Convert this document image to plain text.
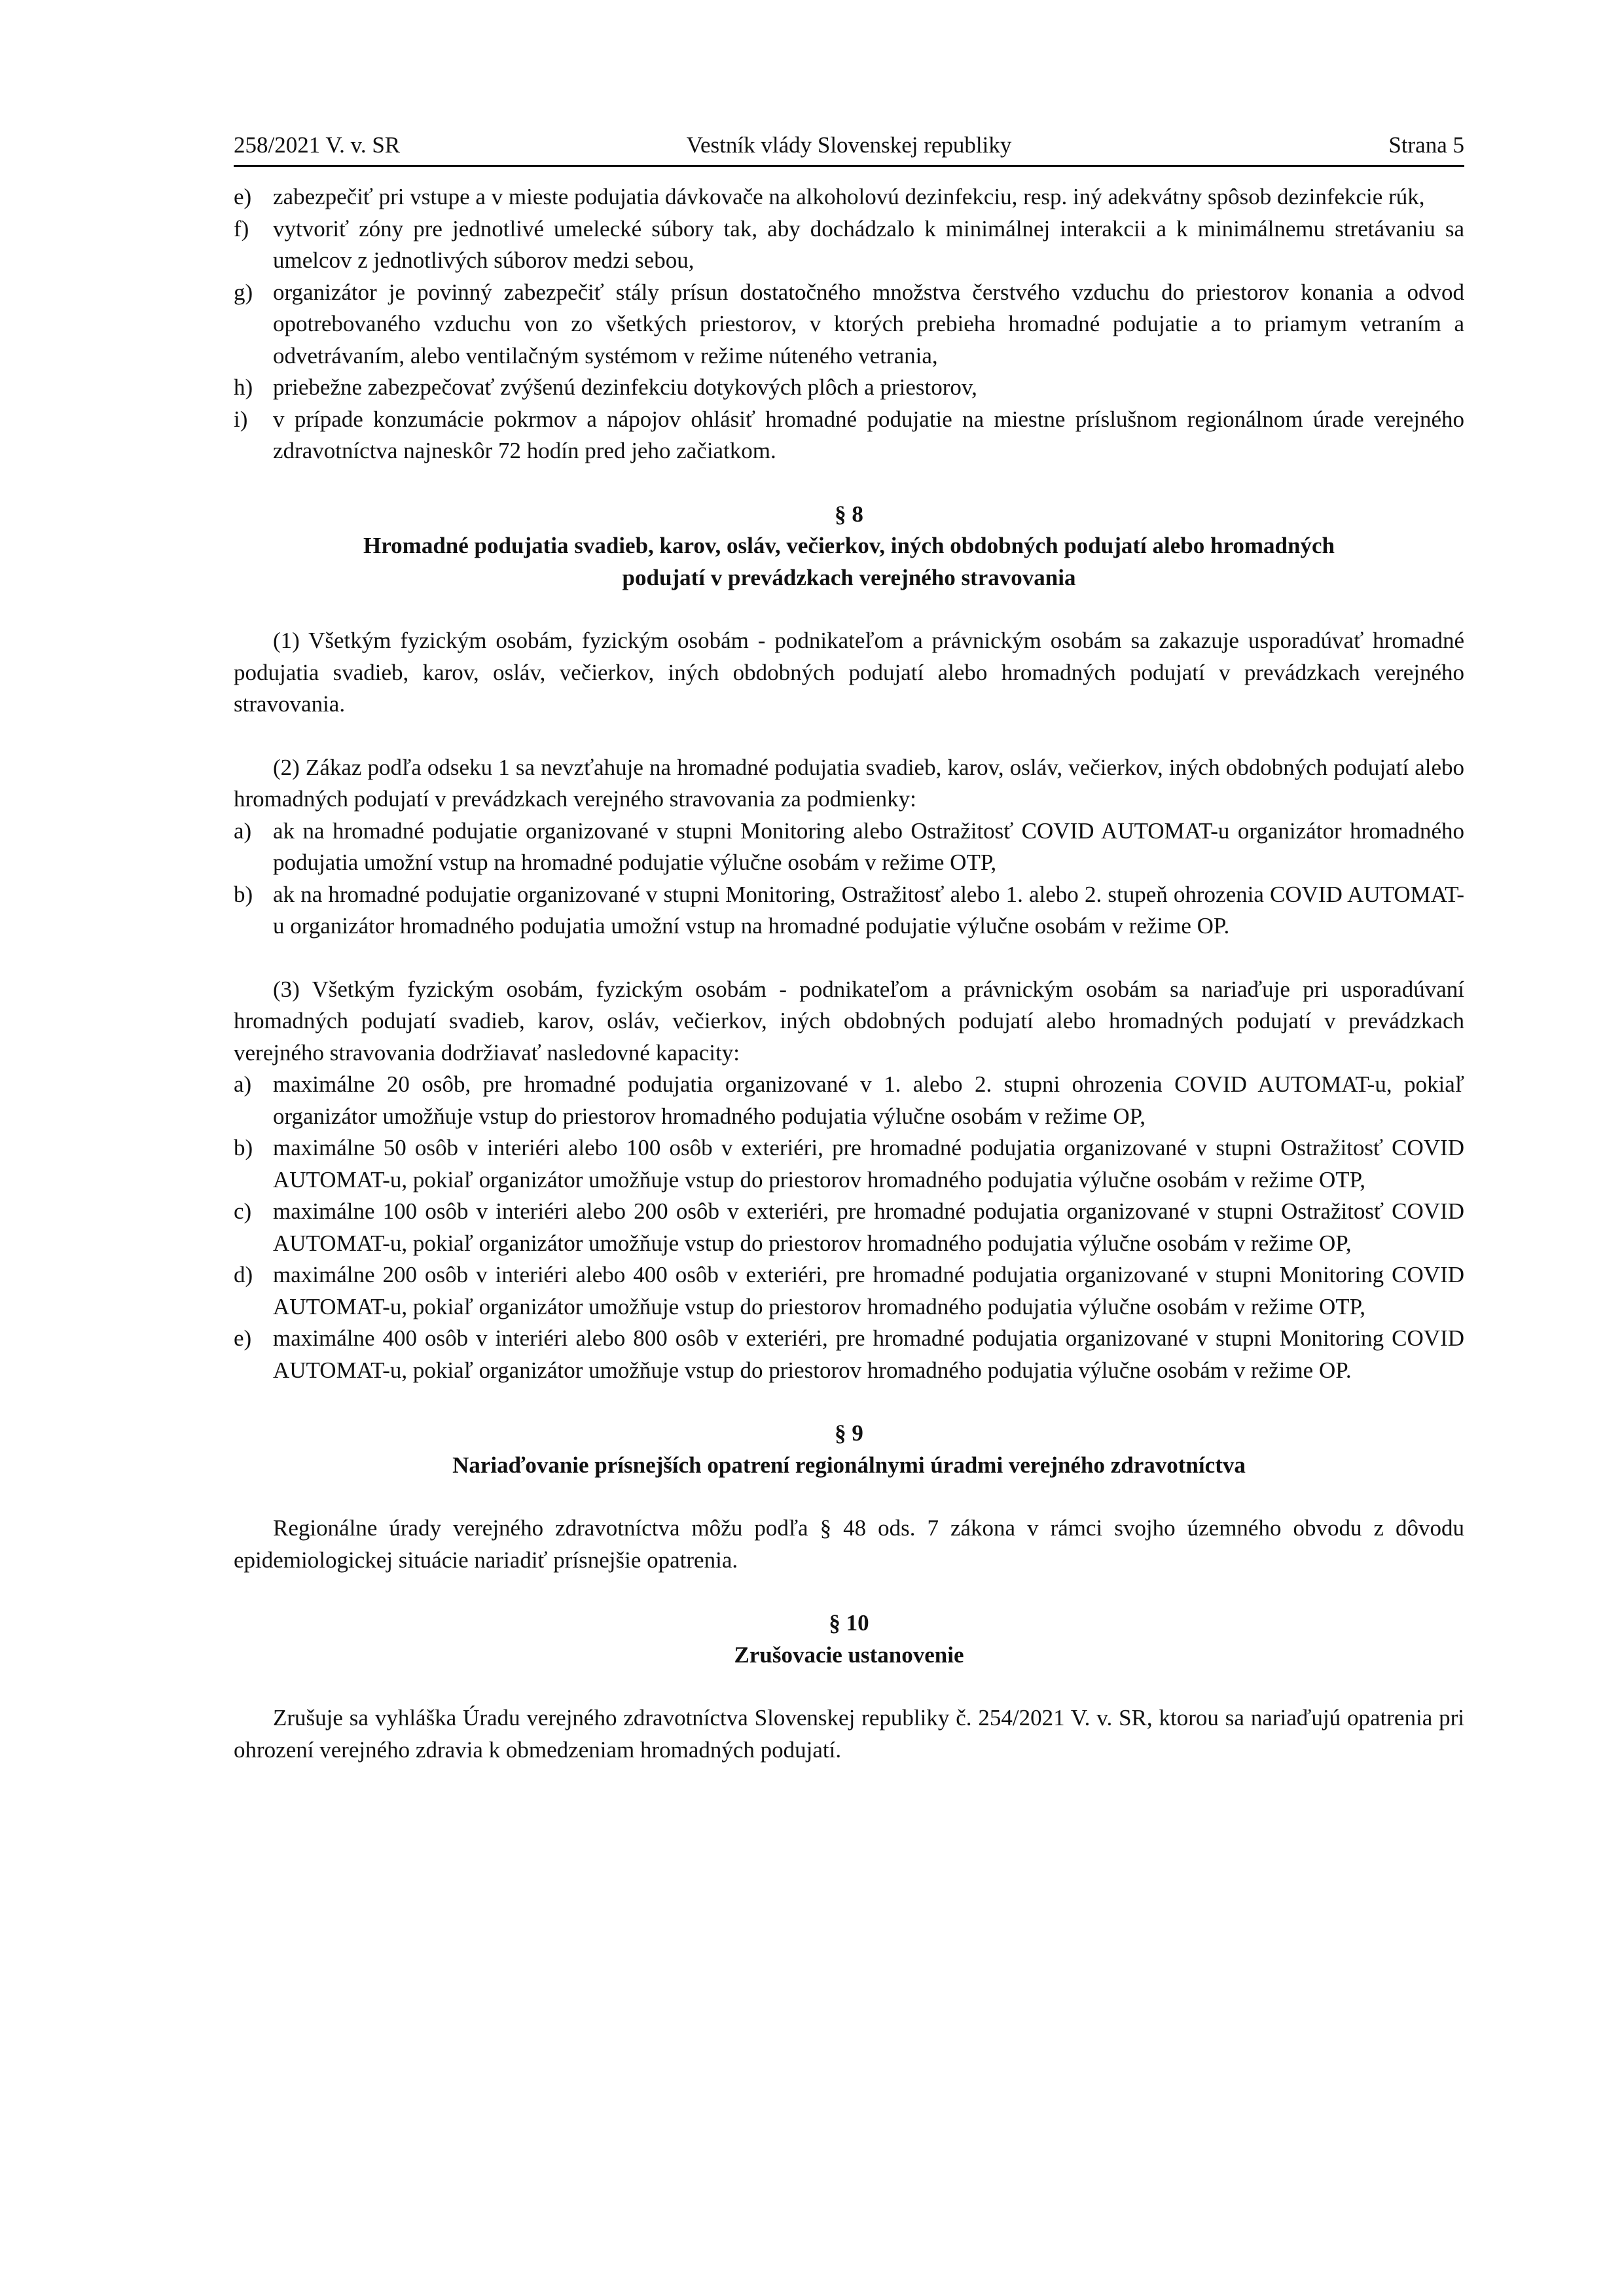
258/2021 V. v. SR	Vestník vlády Slovenskej republiky	Strana 5
e) zabezpečiť pri vstupe a v mieste podujatia dávkovače na alkoholovú dezinfekciu, resp. iný adekvátny spôsob dezinfekcie rúk,
f) vytvoriť zóny pre jednotlivé umelecké súbory tak, aby dochádzalo k minimálnej interakcii a k minimálnemu stretávaniu sa umelcov z jednotlivých súborov medzi sebou,
g) organizátor je povinný zabezpečiť stály prísun dostatočného množstva čerstvého vzduchu do priestorov konania a odvod opotrebovaného vzduchu von zo všetkých priestorov, v ktorých prebieha hromadné podujatie a to priamym vetraním a odvetrávaním, alebo ventilačným systémom v režime núteného vetrania,
h) priebežne zabezpečovať zvýšenú dezinfekciu dotykových plôch a priestorov,
i) v prípade konzumácie pokrmov a nápojov ohlásiť hromadné podujatie na miestne príslušnom regionálnom úrade verejného zdravotníctva najneskôr 72 hodín pred jeho začiatkom.
§ 8
Hromadné podujatia svadieb, karov, osláv, večierkov, iných obdobných podujatí alebo hromadných
podujatí v prevádzkach verejného stravovania

(1) Všetkým fyzickým osobám, fyzickým osobám - podnikateľom a právnickým osobám sa zakazuje usporadúvať hromadné podujatia svadieb, karov, osláv, večierkov, iných obdobných podujatí alebo hromadných podujatí v prevádzkach verejného stravovania.

(2) Zákaz podľa odseku 1 sa nevzťahuje na hromadné podujatia svadieb, karov, osláv, večierkov, iných obdobných podujatí alebo hromadných podujatí v prevádzkach verejného stravovania za podmienky:

a) ak na hromadné podujatie organizované v stupni Monitoring alebo Ostražitosť COVID AUTOMAT-u organizátor hromadného podujatia umožní vstup na hromadné podujatie výlučne osobám v režime OTP,
b) ak na hromadné podujatie organizované v stupni Monitoring, Ostražitosť alebo 1. alebo 2. stupeň ohrozenia COVID AUTOMAT-u organizátor hromadného podujatia umožní vstup na hromadné podujatie výlučne osobám v režime OP.

(3) Všetkým fyzickým osobám, fyzickým osobám - podnikateľom a právnickým osobám sa nariaďuje pri usporadúvaní hromadných podujatí svadieb, karov, osláv, večierkov, iných obdobných podujatí alebo hromadných podujatí v prevádzkach verejného stravovania dodržiavať nasledovné kapacity:

a) maximálne 20 osôb, pre hromadné podujatia organizované v 1. alebo 2. stupni ohrozenia COVID AUTOMAT-u, pokiaľ organizátor umožňuje vstup do priestorov hromadného podujatia výlučne osobám v režime OP,
b) maximálne 50 osôb v interiéri alebo 100 osôb v exteriéri, pre hromadné podujatia organizované v stupni Ostražitosť COVID AUTOMAT-u, pokiaľ organizátor umožňuje vstup do priestorov hromadného podujatia výlučne osobám v režime OTP,
c) maximálne 100 osôb v interiéri alebo 200 osôb v exteriéri, pre hromadné podujatia organizované v stupni Ostražitosť COVID AUTOMAT-u, pokiaľ organizátor umožňuje vstup do priestorov hromadného podujatia výlučne osobám v režime OP,
d) maximálne 200 osôb v interiéri alebo 400 osôb v exteriéri, pre hromadné podujatia organizované v stupni Monitoring COVID AUTOMAT-u, pokiaľ organizátor umožňuje vstup do priestorov hromadného podujatia výlučne osobám v režime OTP,
e) maximálne 400 osôb v interiéri alebo 800 osôb v exteriéri, pre hromadné podujatia organizované v stupni Monitoring COVID AUTOMAT-u, pokiaľ organizátor umožňuje vstup do priestorov hromadného podujatia výlučne osobám v režime OP.
§ 9
Nariaďovanie prísnejších opatrení regionálnymi úradmi verejného zdravotníctva

Regionálne úrady verejného zdravotníctva môžu podľa § 48 ods. 7 zákona v rámci svojho územného obvodu z dôvodu epidemiologickej situácie nariadiť prísnejšie opatrenia.

§ 10
Zrušovacie ustanovenie

Zrušuje sa vyhláška Úradu verejného zdravotníctva Slovenskej republiky č. 254/2021 V. v. SR, ktorou sa nariaďujú opatrenia pri ohrození verejného zdravia k obmedzeniam hromadných podujatí.
